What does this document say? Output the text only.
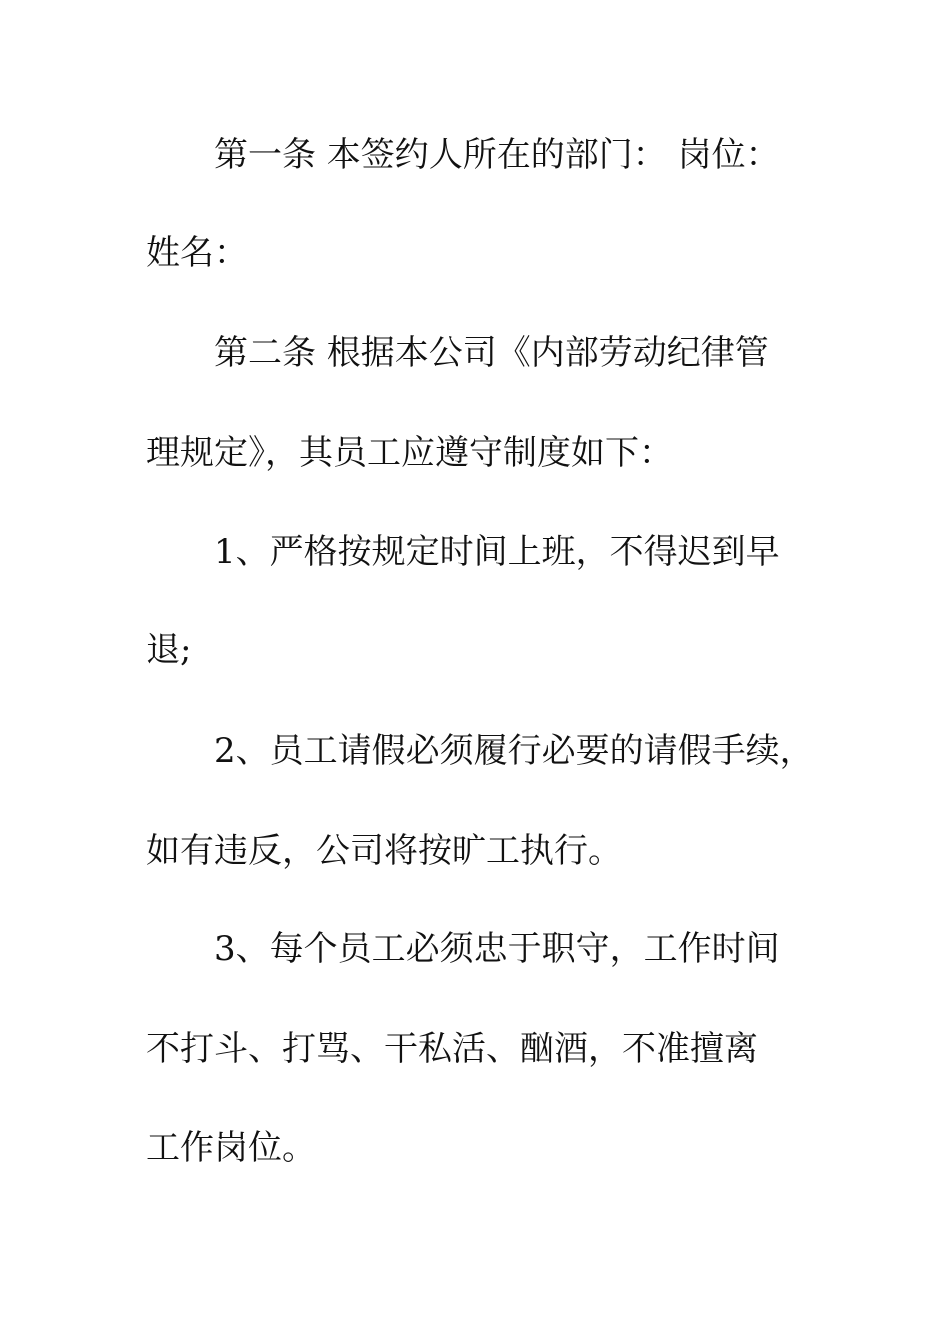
第一条 本签约人所在的部门： 岗位：
姓名：
第二条 根据本公司《内部劳动纪律管
理规定》，其员工应遵守制度如下：
1、严格按规定时间上班，不得迟到早
退;
2、员工请假必须履行必要的请假手续，
如有违反，公司将按旷工执行。
3、每个员工必须忠于职守，工作时间
不打斗、打骂、干私活、酗酒，不准擅离
工作岗位。
